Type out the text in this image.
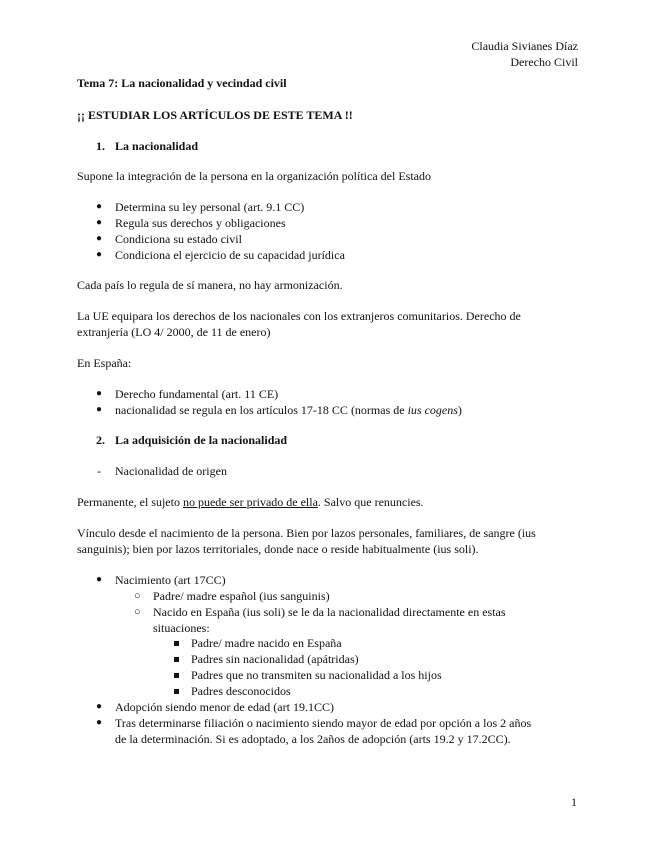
Claudia Sivianes Díaz
Derecho Civil
Tema 7: La nacionalidad y vecindad civil
¡¡ ESTUDIAR LOS ARTÍCULOS DE ESTE TEMA !!
1. La nacionalidad
Supone la integración de la persona en la organización política del Estado
● Determina su ley personal (art. 9.1 CC)
● Regula sus derechos y obligaciones
● Condiciona su estado civil
● Condiciona el ejercicio de su capacidad jurídica
Cada país lo regula de sí manera, no hay armonización.
La UE equipara los derechos de los nacionales con los extranjeros comunitarios. Derecho de
extranjería (LO 4/ 2000, de 11 de enero)
En España:
● Derecho fundamental (art. 11 CE)
● nacionalidad se regula en los artículos 17-18 CC (normas de ius cogens)
2. La adquisición de la nacionalidad
- Nacionalidad de origen
Permanente, el sujeto no puede ser privado de ella. Salvo que renuncies.
Vínculo desde el nacimiento de la persona. Bien por lazos personales, familiares, de sangre (ius
sanguinis); bien por lazos territoriales, donde nace o reside habitualmente (ius soli).
● Nacimiento (art 17CC)
○ Padre/ madre español (ius sanguinis)
○ Nacido en España (ius soli) se le da la nacionalidad directamente en estas
situaciones:
Padre/ madre nacido en España
Padres sin nacionalidad (apátridas)
Padres que no transmiten su nacionalidad a los hijos
Padres desconocidos
● Adopción siendo menor de edad (art 19.1CC)
● Tras determinarse filiación o nacimiento siendo mayor de edad por opción a los 2 años
de la determinación. Si es adoptado, a los 2años de adopción (arts 19.2 y 17.2CC).
1
